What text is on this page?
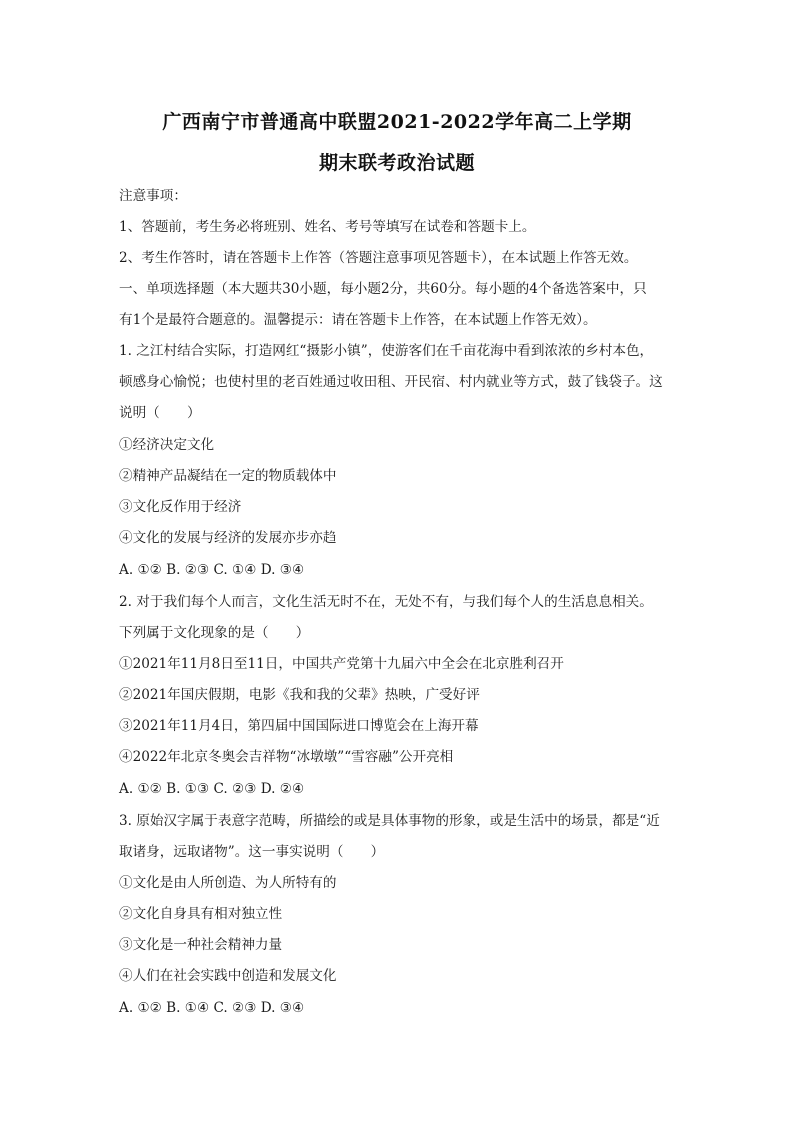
广西南宁市普通高中联盟2021-2022学年高二上学期
期末联考政治试题
注意事项：
1、答题前，考生务必将班别、姓名、考号等填写在试卷和答题卡上。
2、考生作答时，请在答题卡上作答（答题注意事项见答题卡），在本试题上作答无效。
一、单项选择题（本大题共30小题，每小题2分，共60分。每小题的4个备选答案中，只
有1个是最符合题意的。温馨提示：请在答题卡上作答，在本试题上作答无效）。
1. 之江村结合实际，打造网红“摄影小镇”，使游客们在千亩花海中看到浓浓的乡村本色，
顿感身心愉悦；也使村里的老百姓通过收田租、开民宿、村内就业等方式，鼓了钱袋子。这
说明（　　）
①经济决定文化
②精神产品凝结在一定的物质载体中
③文化反作用于经济
④文化的发展与经济的发展亦步亦趋
A. ①② B. ②③ C. ①④ D. ③④
2. 对于我们每个人而言，文化生活无时不在，无处不有，与我们每个人的生活息息相关。
下列属于文化现象的是（　　）
①2021年11月8日至11日，中国共产党第十九届六中全会在北京胜利召开
②2021年国庆假期，电影《我和我的父辈》热映，广受好评
③2021年11月4日，第四届中国国际进口博览会在上海开幕
④2022年北京冬奥会吉祥物“冰墩墩”“雪容融”公开亮相
A. ①② B. ①③ C. ②③ D. ②④
3. 原始汉字属于表意字范畴，所描绘的或是具体事物的形象，或是生活中的场景，都是“近
取诸身，远取诸物”。这一事实说明（　　）
①文化是由人所创造、为人所特有的
②文化自身具有相对独立性
③文化是一种社会精神力量
④人们在社会实践中创造和发展文化
A. ①② B. ①④ C. ②③ D. ③④
